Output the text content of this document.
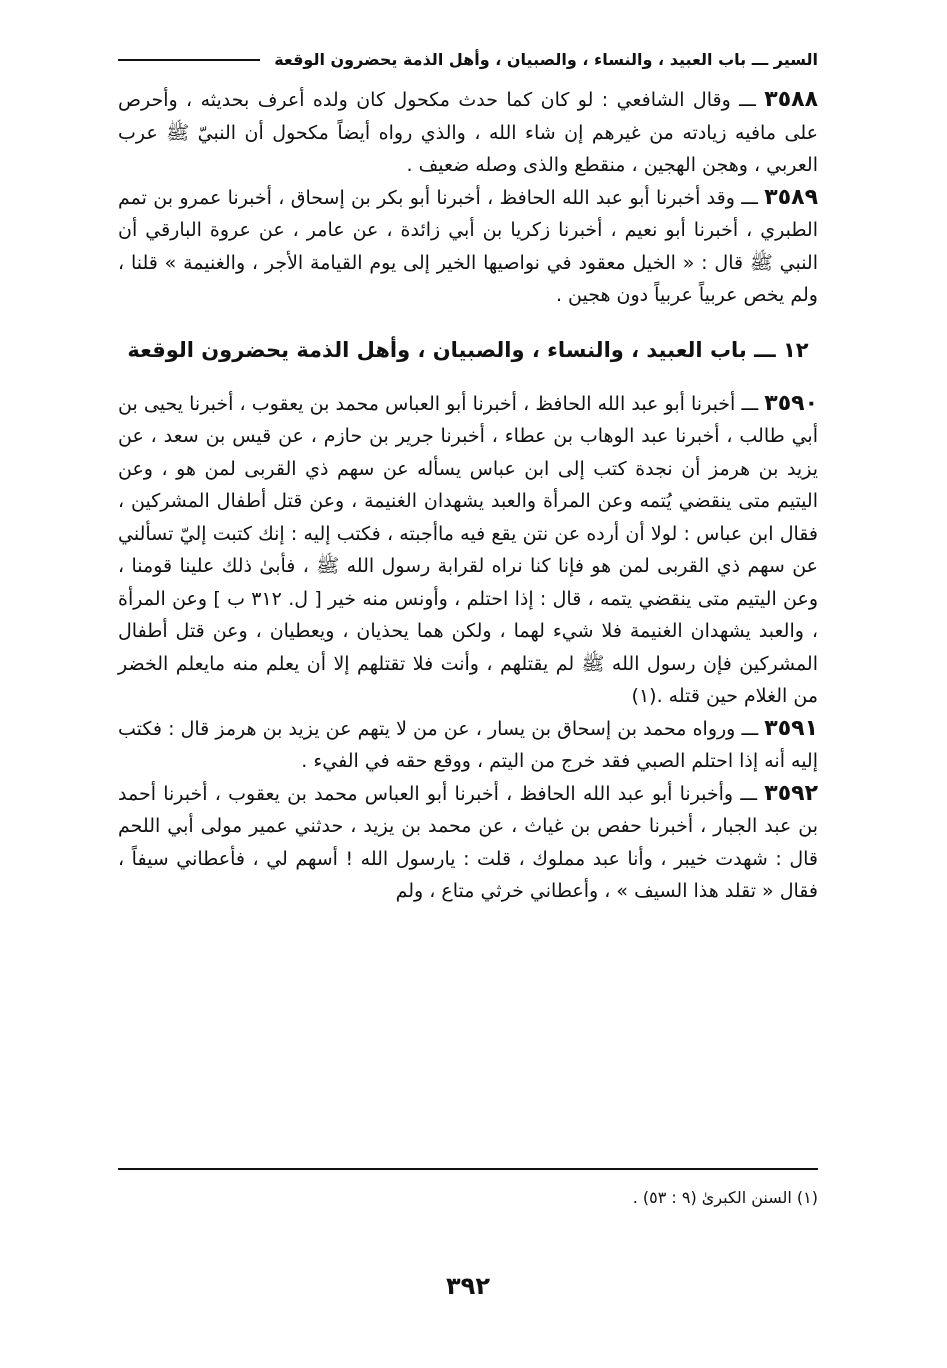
السير ـــ باب العبيد ، والنساء ، والصبيان ، وأهل الذمة يحضرون الوقعة

٣٥٨٨ ـــ وقال الشافعي : لو كان كما حدث مكحول كان ولده أعرف بحديثه ، وأحرص على مافيه زيادته من غيرهم إن شاء الله ، والذي رواه أيضاً مكحول أن النبيّ ﷺ عرب العربي ، وهجن الهجين ، منقطع والذى وصله ضعيف .

٣٥٨٩ ـــ وقد أخبرنا أبو عبد الله الحافظ ، أخبرنا أبو بكر بن إسحاق ، أخبرنا عمرو بن تمم الطبري ، أخبرنا أبو نعيم ، أخبرنا زكريا بن أبي زائدة ، عن عامر ، عن عروة البارقي أن النبي ﷺ قال : « الخيل معقود في نواصيها الخير إلى يوم القيامة الأجر ، والغنيمة » قلنا ، ولم يخص عربياً عربياً دون هجين .

١٢ ـــ باب العبيد ، والنساء ، والصبيان ، وأهل الذمة يحضرون الوقعة

٣٥٩٠ ـــ أخبرنا أبو عبد الله الحافظ ، أخبرنا أبو العباس محمد بن يعقوب ، أخبرنا يحيى بن أبي طالب ، أخبرنا عبد الوهاب بن عطاء ، أخبرنا جرير بن حازم ، عن قيس بن سعد ، عن يزيد بن هرمز أن نجدة كتب إلى ابن عباس يسأله عن سهم ذي القربى لمن هو ، وعن اليتيم متى ينقضي يُتمه وعن المرأة والعبد يشهدان الغنيمة ، وعن قتل أطفال المشركين ، فقال ابن عباس : لولا أن أرده عن نتن يقع فيه ماأجبته ، فكتب إليه : إنك كتبت إليّ تسألني عن سهم ذي القربى لمن هو فإنا كنا نراه لقرابة رسول الله ﷺ ، فأبىٰ ذلك علينا قومنا ، وعن اليتيم متى ينقضي يتمه ، قال : إذا احتلم ، وأونس منه خير [ ل. ٣١٢ ب ] وعن المرأة ، والعبد يشهدان الغنيمة فلا شيء لهما ، ولكن هما يحذيان ، ويعطيان ، وعن قتل أطفال المشركين فإن رسول الله ﷺ لم يقتلهم ، وأنت فلا تقتلهم إلا أن يعلم منه مايعلم الخضر من الغلام حين قتله .(١)

٣٥٩١ ـــ ورواه محمد بن إسحاق بن يسار ، عن من لا يتهم عن يزيد بن هرمز قال : فكتب إليه أنه إذا احتلم الصبي فقد خرج من اليتم ، ووقع حقه في الفيء .

٣٥٩٢ ـــ وأخبرنا أبو عبد الله الحافظ ، أخبرنا أبو العباس محمد بن يعقوب ، أخبرنا أحمد بن عبد الجبار ، أخبرنا حفص بن غياث ، عن محمد بن يزيد ، حدثني عمير مولى أبي اللحم قال : شهدت خيبر ، وأنا عبد مملوك ، قلت : يارسول الله ! أسهم لي ، فأعطاني سيفاً ، فقال « تقلد هذا السيف » ، وأعطاني خرثي متاع ، ولم

(١) السنن الكبرىٰ (٩ : ٥٣) .
٣٩٢
